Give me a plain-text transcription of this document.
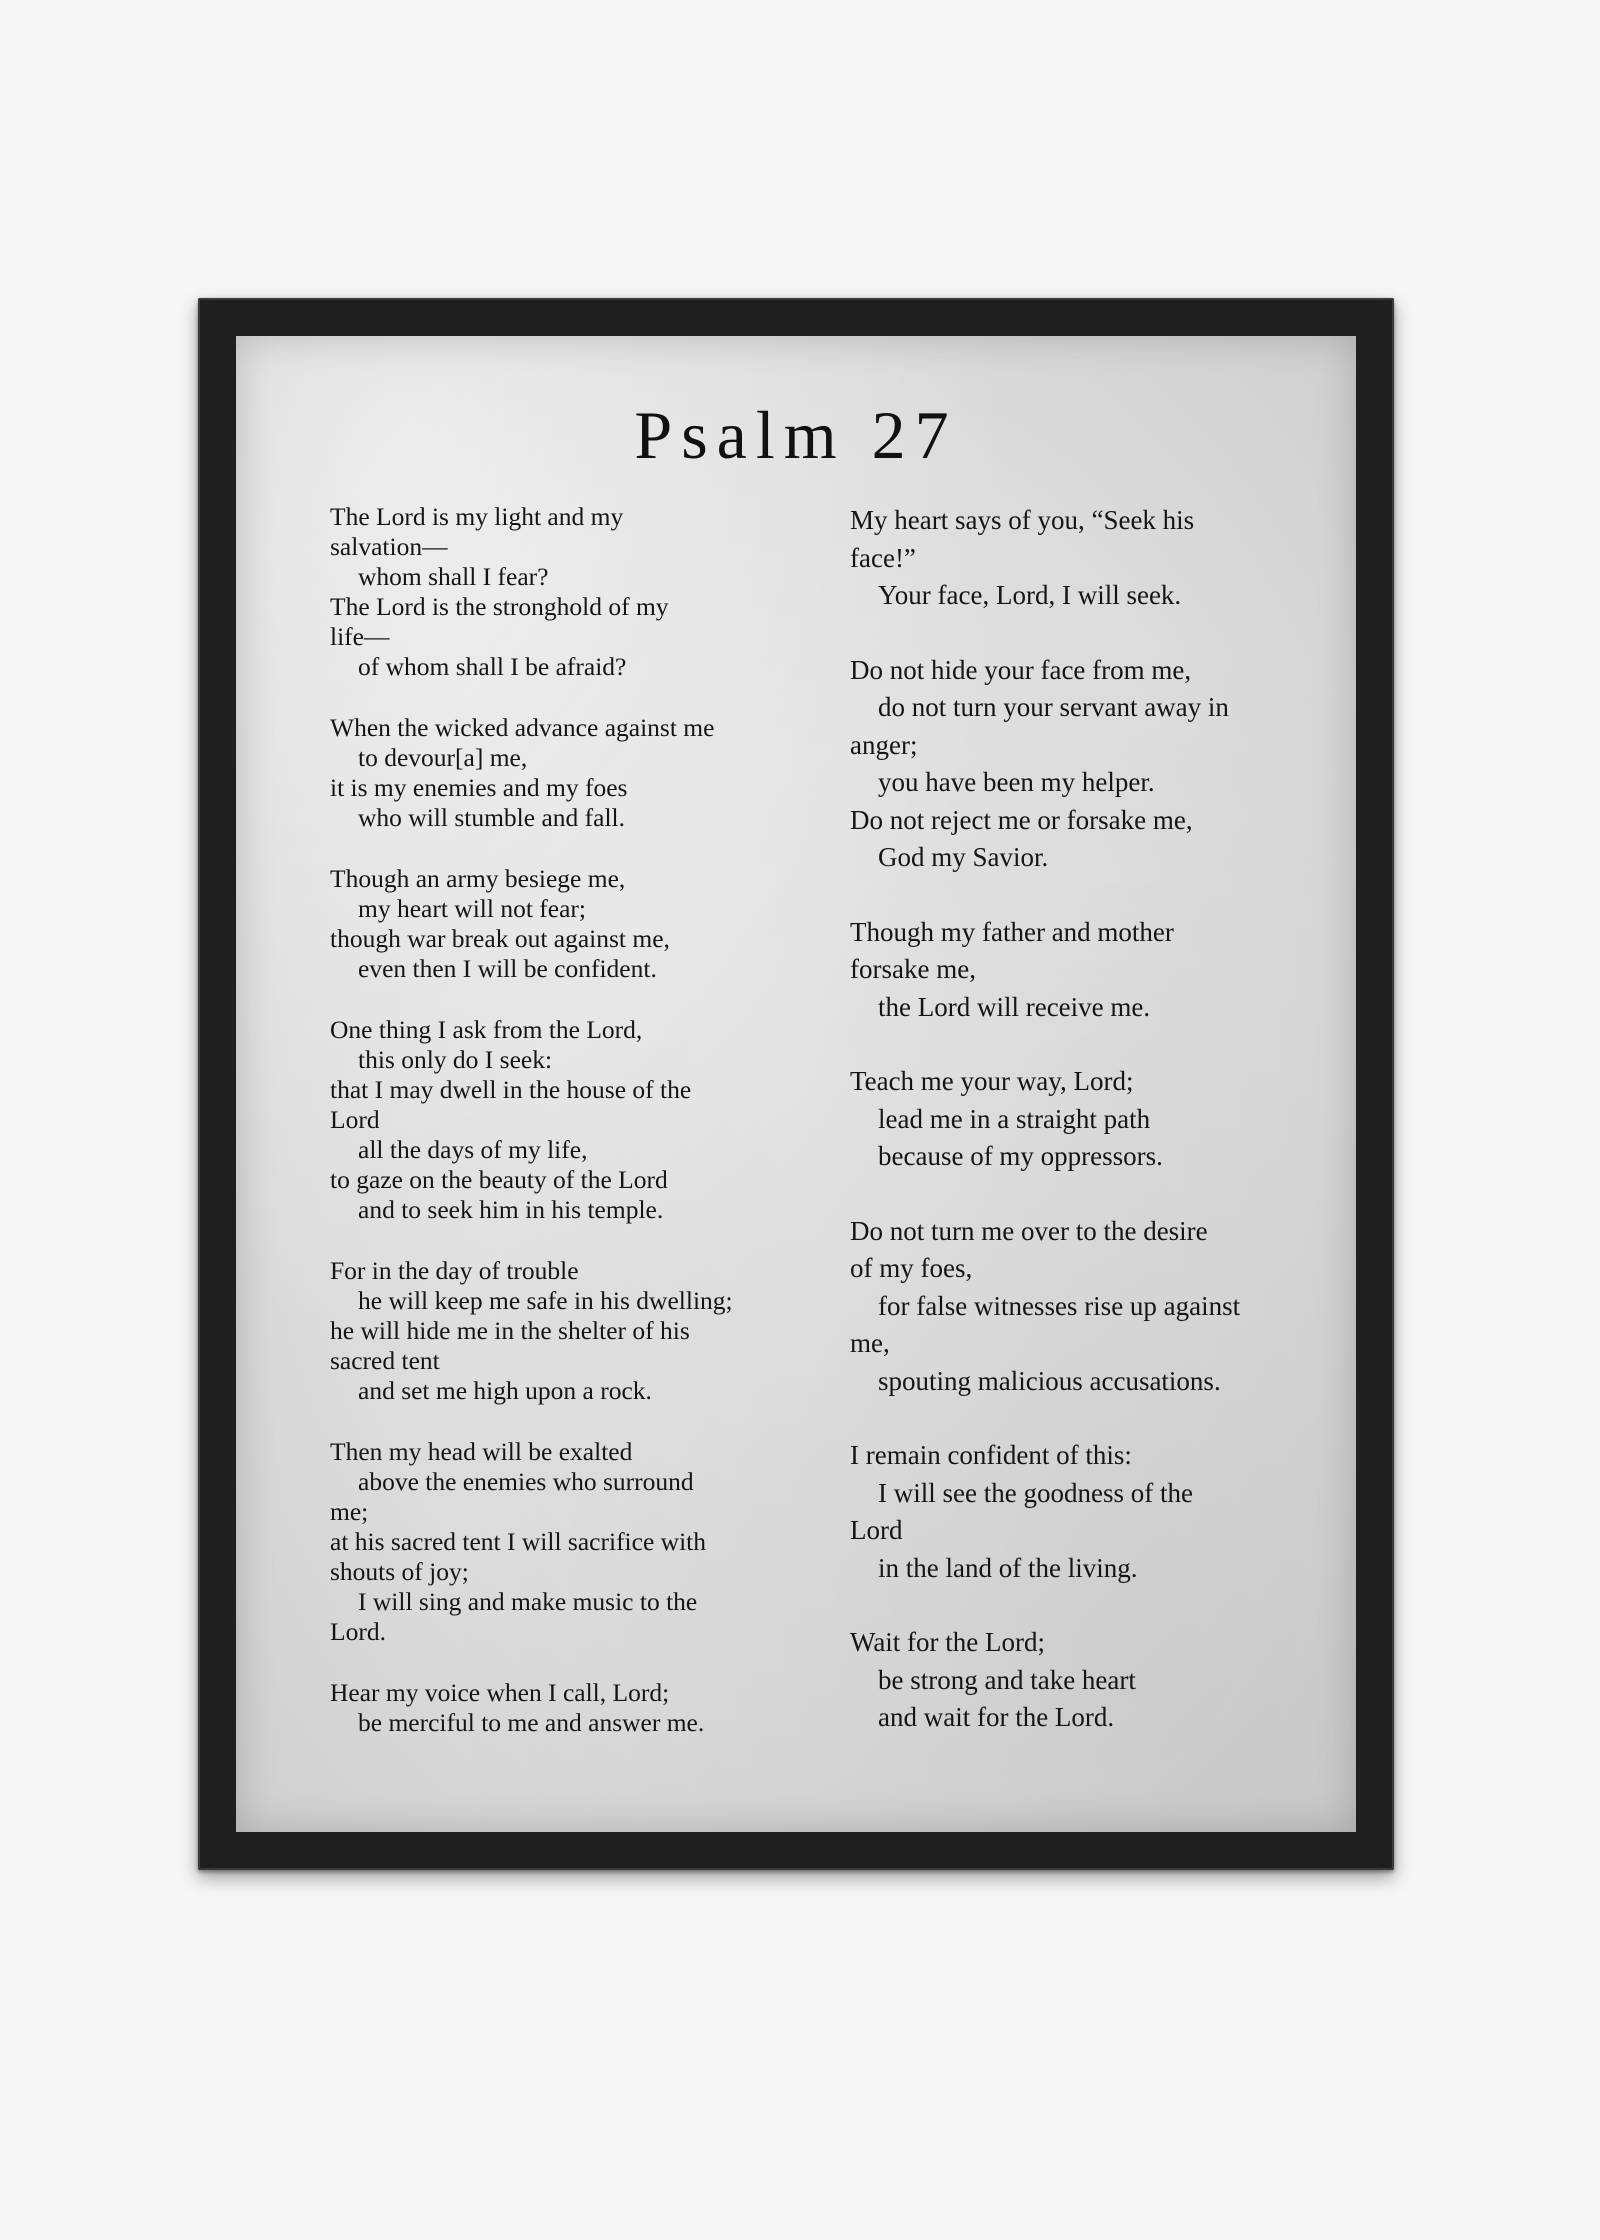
Psalm 27
The Lord is my light and my
salvation—
whom shall I fear?
The Lord is the stronghold of my
life—
of whom shall I be afraid?
When the wicked advance against me
to devour[a] me,
it is my enemies and my foes
who will stumble and fall.
Though an army besiege me,
my heart will not fear;
though war break out against me,
even then I will be confident.
One thing I ask from the Lord,
this only do I seek:
that I may dwell in the house of the
Lord
all the days of my life,
to gaze on the beauty of the Lord
and to seek him in his temple.
For in the day of trouble
he will keep me safe in his dwelling;
he will hide me in the shelter of his
sacred tent
and set me high upon a rock.
Then my head will be exalted
above the enemies who surround
me;
at his sacred tent I will sacrifice with
shouts of joy;
I will sing and make music to the
Lord.
Hear my voice when I call, Lord;
be merciful to me and answer me.
My heart says of you, “Seek his
face!”
Your face, Lord, I will seek.
Do not hide your face from me,
do not turn your servant away in
anger;
you have been my helper.
Do not reject me or forsake me,
God my Savior.
Though my father and mother
forsake me,
the Lord will receive me.
Teach me your way, Lord;
lead me in a straight path
because of my oppressors.
Do not turn me over to the desire
of my foes,
for false witnesses rise up against
me,
spouting malicious accusations.
I remain confident of this:
I will see the goodness of the
Lord
in the land of the living.
Wait for the Lord;
be strong and take heart
and wait for the Lord.
